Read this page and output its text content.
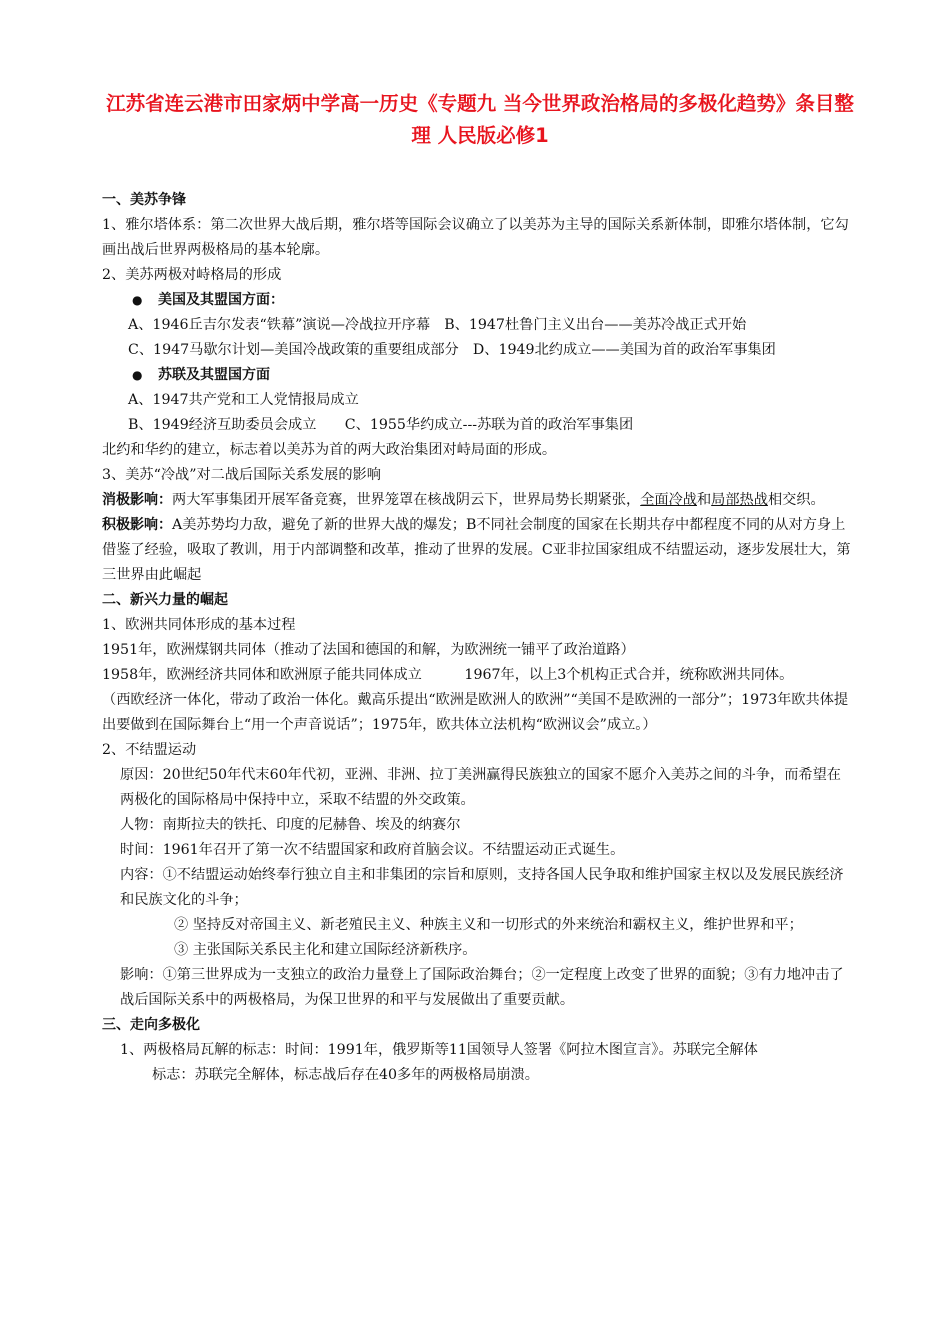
江苏省连云港市田家炳中学高一历史《专题九 当今世界政治格局的多极化趋势》条目整理 人民版必修1

一、美苏争锋

1、雅尔塔体系：第二次世界大战后期，雅尔塔等国际会议确立了以美苏为主导的国际关系新体制，即雅尔塔体制，它勾画出战后世界两极格局的基本轮廓。

2、美苏两极对峙格局的形成

● 美国及其盟国方面：

A、1946丘吉尔发表“铁幕”演说—冷战拉开序幕　B、1947杜鲁门主义出台——美苏冷战正式开始

C、1947马歇尔计划—美国冷战政策的重要组成部分　D、1949北约成立——美国为首的政治军事集团

● 苏联及其盟国方面

A、1947共产党和工人党情报局成立

B、1949经济互助委员会成立　　C、1955华约成立---苏联为首的政治军事集团

北约和华约的建立，标志着以美苏为首的两大政治集团对峙局面的形成。

3、美苏“冷战”对二战后国际关系发展的影响

消极影响：两大军事集团开展军备竞赛，世界笼罩在核战阴云下，世界局势长期紧张，全面冷战和局部热战相交织。

积极影响：A美苏势均力敌，避免了新的世界大战的爆发；B不同社会制度的国家在长期共存中都程度不同的从对方身上借鉴了经验，吸取了教训，用于内部调整和改革，推动了世界的发展。C亚非拉国家组成不结盟运动，逐步发展壮大，第三世界由此崛起

二、新兴力量的崛起

1、欧洲共同体形成的基本过程

1951年，欧洲煤钢共同体（推动了法国和德国的和解，为欧洲统一铺平了政治道路）

1958年，欧洲经济共同体和欧洲原子能共同体成立　　　1967年，以上3个机构正式合并，统称欧洲共同体。

（西欧经济一体化，带动了政治一体化。戴高乐提出“欧洲是欧洲人的欧洲”“美国不是欧洲的一部分”；1973年欧共体提出要做到在国际舞台上“用一个声音说话”；1975年，欧共体立法机构“欧洲议会”成立。）

2、不结盟运动

原因：20世纪50年代末60年代初，亚洲、非洲、拉丁美洲赢得民族独立的国家不愿介入美苏之间的斗争，而希望在两极化的国际格局中保持中立，采取不结盟的外交政策。

人物：南斯拉夫的铁托、印度的尼赫鲁、埃及的纳赛尔

时间：1961年召开了第一次不结盟国家和政府首脑会议。不结盟运动正式诞生。

内容：①不结盟运动始终奉行独立自主和非集团的宗旨和原则，支持各国人民争取和维护国家主权以及发展民族经济和民族文化的斗争；

② 坚持反对帝国主义、新老殖民主义、种族主义和一切形式的外来统治和霸权主义，维护世界和平；

③ 主张国际关系民主化和建立国际经济新秩序。

影响：①第三世界成为一支独立的政治力量登上了国际政治舞台；②一定程度上改变了世界的面貌；③有力地冲击了战后国际关系中的两极格局，为保卫世界的和平与发展做出了重要贡献。

三、走向多极化

1、两极格局瓦解的标志：时间：1991年，俄罗斯等11国领导人签署《阿拉木图宣言》。苏联完全解体

标志：苏联完全解体，标志战后存在40多年的两极格局崩溃。
